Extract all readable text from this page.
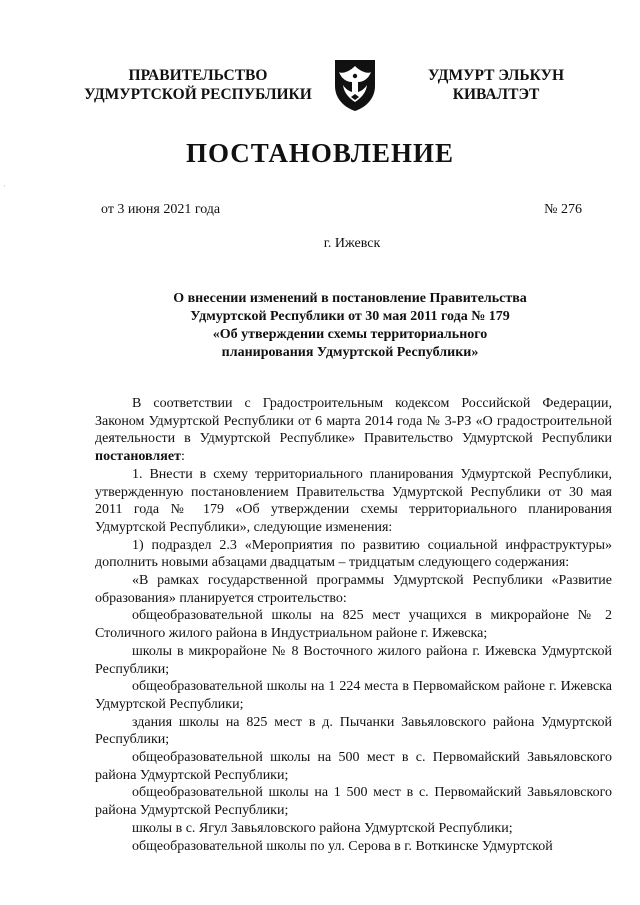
·
ПРАВИТЕЛЬСТВО
УДМУРТСКОЙ РЕСПУБЛИКИ
УДМУРТ ЭЛЬКУН
КИВАЛТЭТ
ПОСТАНОВЛЕНИЕ
от 3 июня 2021 года	№ 276
г. Ижевск
О внесении изменений в постановление Правительства
Удмуртской Республики от 30 мая 2011 года № 179
«Об утверждении схемы территориального
планирования Удмуртской Республики»

В соответствии с Градостроительным кодексом Российской Федерации, Законом Удмуртской Республики от 6 марта 2014 года № 3-РЗ «О градостроительной деятельности в Удмуртской Республике» Правительство Удмуртской Республики постановляет:

1. Внести в схему территориального планирования Удмуртской Республики, утвержденную постановлением Правительства Удмуртской Республики от 30 мая 2011 года № 179 «Об утверждении схемы территориального планирования Удмуртской Республики», следующие изменения:

1) подраздел 2.3 «Мероприятия по развитию социальной инфраструктуры» дополнить новыми абзацами двадцатым – тридцатым следующего содержания:

«В рамках государственной программы Удмуртской Республики «Развитие образования» планируется строительство:

общеобразовательной школы на 825 мест учащихся в микрорайоне № 2 Столичного жилого района в Индустриальном районе г. Ижевска;

школы в микрорайоне № 8 Восточного жилого района г. Ижевска Удмуртской Республики;

общеобразовательной школы на 1 224 места в Первомайском районе г. Ижевска Удмуртской Республики;

здания школы на 825 мест в д. Пычанки Завьяловского района Удмуртской Республики;

общеобразовательной школы на 500 мест в с. Первомайский Завьяловского района Удмуртской Республики;

общеобразовательной школы на 1 500 мест в с. Первомайский Завьяловского района Удмуртской Республики;

школы в с. Ягул Завьяловского района Удмуртской Республики;

общеобразовательной школы по ул. Серова в г. Воткинске Удмуртской
